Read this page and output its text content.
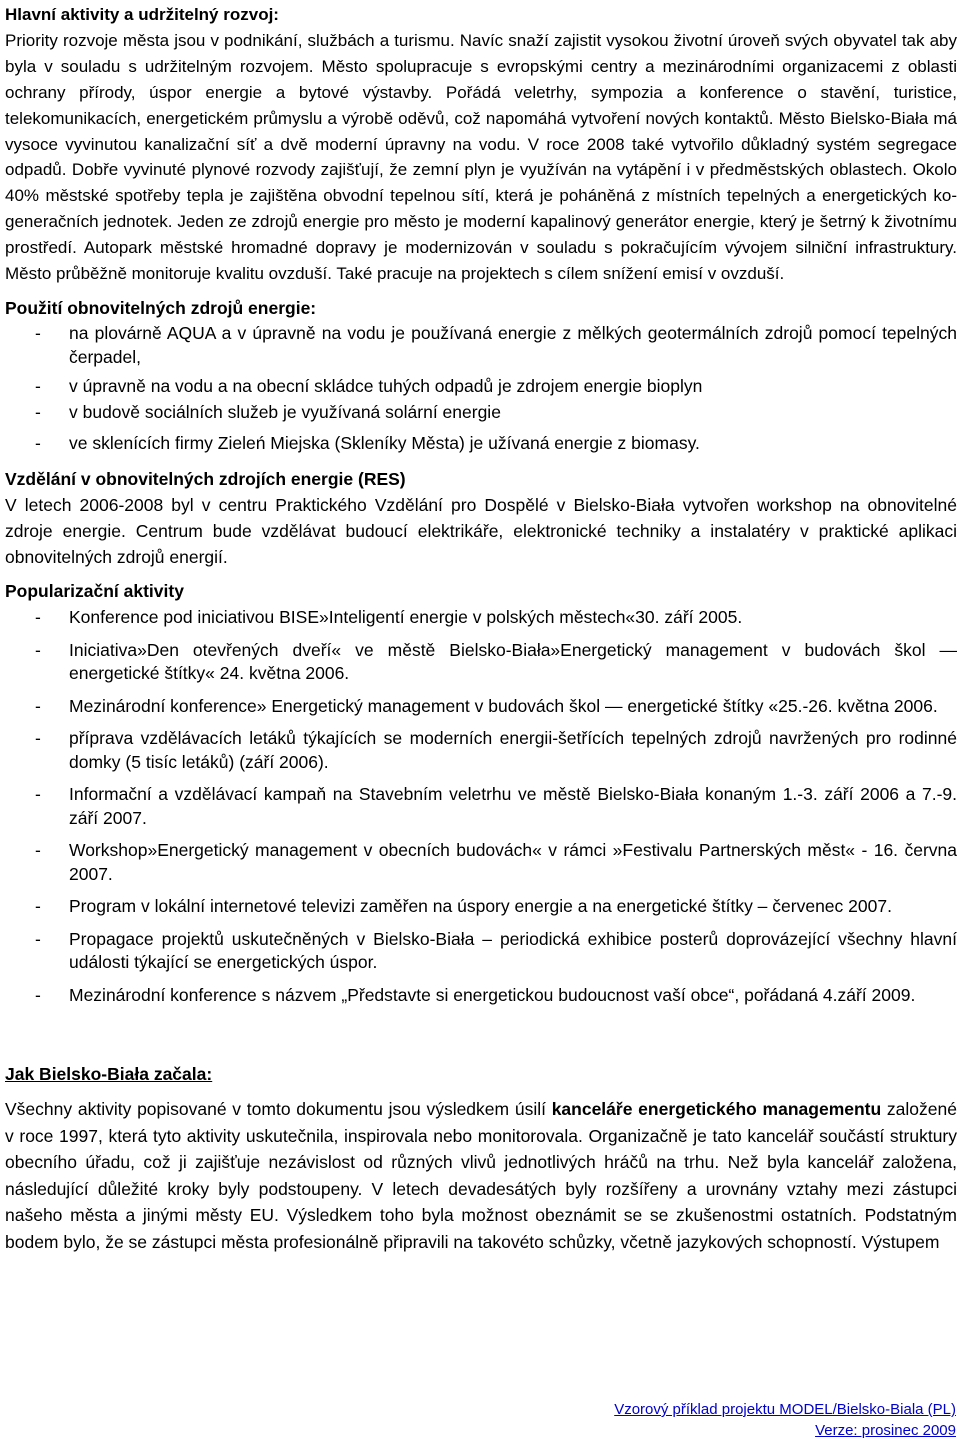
Hlavní aktivity a udržitelný rozvoj:

Priority rozvoje města jsou v podnikání, službách a turismu. Navíc snaží zajistit vysokou životní úroveň svých obyvatel tak aby byla v souladu s udržitelným rozvojem. Město spolupracuje s evropskými centry a mezinárodními organizacemi z oblasti ochrany přírody, úspor energie a bytové výstavby. Pořádá veletrhy, sympozia a konference o stavění, turistice, telekomunikacích, energetickém průmyslu a výrobě oděvů, což napomáhá vytvoření nových kontaktů. Město Bielsko-Biała má vysoce vyvinutou kanalizační síť a dvě moderní úpravny na vodu. V roce 2008 také vytvořilo důkladný systém segregace odpadů. Dobře vyvinuté plynové rozvody zajišťují, že zemní plyn je využíván na vytápění i v předměstských oblastech. Okolo 40% městské spotřeby tepla je zajištěna obvodní tepelnou sítí, která je poháněná z místních tepelných a energetických ko-generačních jednotek. Jeden ze zdrojů energie pro město je moderní kapalinový generátor energie, který je šetrný k životnímu prostředí. Autopark městské hromadné dopravy je modernizován v souladu s pokračujícím vývojem silniční infrastruktury. Město průběžně monitoruje kvalitu ovzduší. Také pracuje na projektech s cílem snížení emisí v ovzduší.

Použití obnovitelných zdrojů energie:
- na plovárně AQUA a v úpravně na vodu je používaná energie z mělkých geotermálních zdrojů pomocí tepelných čerpadel,
- v úpravně na vodu a na obecní skládce tuhých odpadů je zdrojem energie bioplyn
- v budově sociálních služeb je využívaná solární energie
- ve sklenících firmy Zieleń Miejska (Skleníky Města) je užívaná energie z biomasy.
Vzdělání v obnovitelných zdrojích energie (RES)

V letech 2006-2008 byl v centru Praktického Vzdělání pro Dospělé v Bielsko-Biała vytvořen workshop na obnovitelné zdroje energie. Centrum bude vzdělávat budoucí elektrikáře, elektronické techniky a instalatéry v praktické aplikaci obnovitelných zdrojů energií.

Popularizační aktivity
- Konference pod iniciativou BISE»Inteligentí energie v polských městech«30. září 2005.
- Iniciativa»Den otevřených dveří« ve městě Bielsko-Biała»Energetický management v budovách škol — energetické štítky« 24. května 2006.
- Mezinárodní konference» Energetický management v budovách škol — energetické štítky «25.-26. května 2006.
- příprava vzdělávacích letáků týkajících se moderních energii-šetřících tepelných zdrojů navržených pro rodinné domky (5 tisíc letáků) (září 2006).
- Informační a vzdělávací kampaň na Stavebním veletrhu ve městě Bielsko-Biała konaným 1.-3. září 2006 a 7.-9. září 2007.
- Workshop»Energetický management v obecních budovách« v rámci »Festivalu Partnerských měst« - 16. června 2007.
- Program v lokální internetové televizi zaměřen na úspory energie a na energetické štítky – červenec 2007.
- Propagace projektů uskutečněných v Bielsko-Biała – periodická exhibice posterů doprovázející všechny hlavní události týkající se energetických úspor.
- Mezinárodní konference s názvem „Představte si energetickou budoucnost vaší obce“, pořádaná 4.září 2009.
Jak Bielsko-Biała začala:

Všechny aktivity popisované v tomto dokumentu jsou výsledkem úsilí kanceláře energetického managementu založené v roce 1997, která tyto aktivity uskutečnila, inspirovala nebo monitorovala. Organizačně je tato kancelář součástí struktury obecního úřadu, což ji zajišťuje nezávislost od různých vlivů jednotlivých hráčů na trhu. Než byla kancelář založena, následující důležité kroky byly podstoupeny. V letech devadesátých byly rozšířeny a urovnány vztahy mezi zástupci našeho města a jinými městy EU. Výsledkem toho byla možnost obeznámit se se zkušenostmi ostatních. Podstatným bodem bylo, že se zástupci města profesionálně připravili na takovéto schůzky, včetně jazykových schopností. Výstupem

Vzorový příklad projektu MODEL/Bielsko-Biala (PL)
Verze: prosinec 2009
